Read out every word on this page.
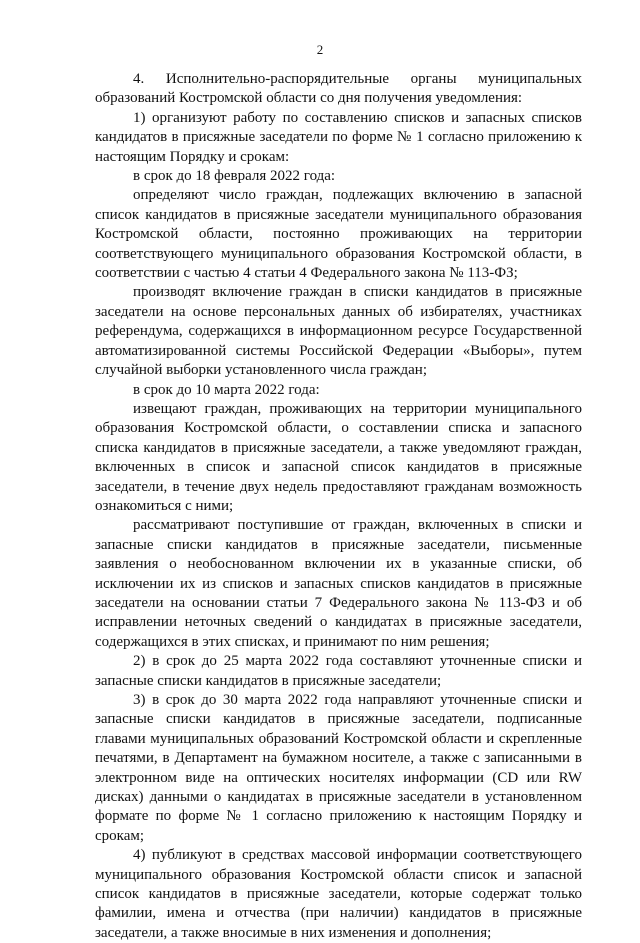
2

4. Исполнительно-распорядительные органы муниципальных образований Костромской области со дня получения уведомления:

1) организуют работу по составлению списков и запасных списков кандидатов в присяжные заседатели по форме № 1 согласно приложению к настоящим Порядку и срокам:

в срок до 18 февраля 2022 года:

определяют число граждан, подлежащих включению в запасной список кандидатов в присяжные заседатели муниципального образования Костромской области, постоянно проживающих на территории соответствующего муниципального образования Костромской области, в соответствии с частью 4 статьи 4 Федерального закона № 113-ФЗ;

производят включение граждан в списки кандидатов в присяжные заседатели на основе персональных данных об избирателях, участниках референдума, содержащихся в информационном ресурсе Государственной автоматизированной системы Российской Федерации «Выборы», путем случайной выборки установленного числа граждан;

в срок до 10 марта 2022 года:

извещают граждан, проживающих на территории муниципального образования Костромской области, о составлении списка и запасного списка кандидатов в присяжные заседатели, а также уведомляют граждан, включенных в список и запасной список кандидатов в присяжные заседатели, в течение двух недель предоставляют гражданам возможность ознакомиться с ними;

рассматривают поступившие от граждан, включенных в списки и запасные списки кандидатов в присяжные заседатели, письменные заявления о необоснованном включении их в указанные списки, об исключении их из списков и запасных списков кандидатов в присяжные заседатели на основании статьи 7 Федерального закона № 113-ФЗ и об исправлении неточных сведений о кандидатах в присяжные заседатели, содержащихся в этих списках, и принимают по ним решения;

2) в срок до 25 марта 2022 года составляют уточненные списки и запасные списки кандидатов в присяжные заседатели;

3) в срок до 30 марта 2022 года направляют уточненные списки и запасные списки кандидатов в присяжные заседатели, подписанные главами муниципальных образований Костромской области и скрепленные печатями, в Департамент на бумажном носителе, а также с записанными в электронном виде на оптических носителях информации (CD или RW дисках) данными о кандидатах в присяжные заседатели в установленном формате по форме № 1 согласно приложению к настоящим Порядку и срокам;

4) публикуют в средствах массовой информации соответствующего муниципального образования Костромской области список и запасной список кандидатов в присяжные заседатели, которые содержат только фамилии, имена и отчества (при наличии) кандидатов в присяжные заседатели, а также вносимые в них изменения и дополнения;
